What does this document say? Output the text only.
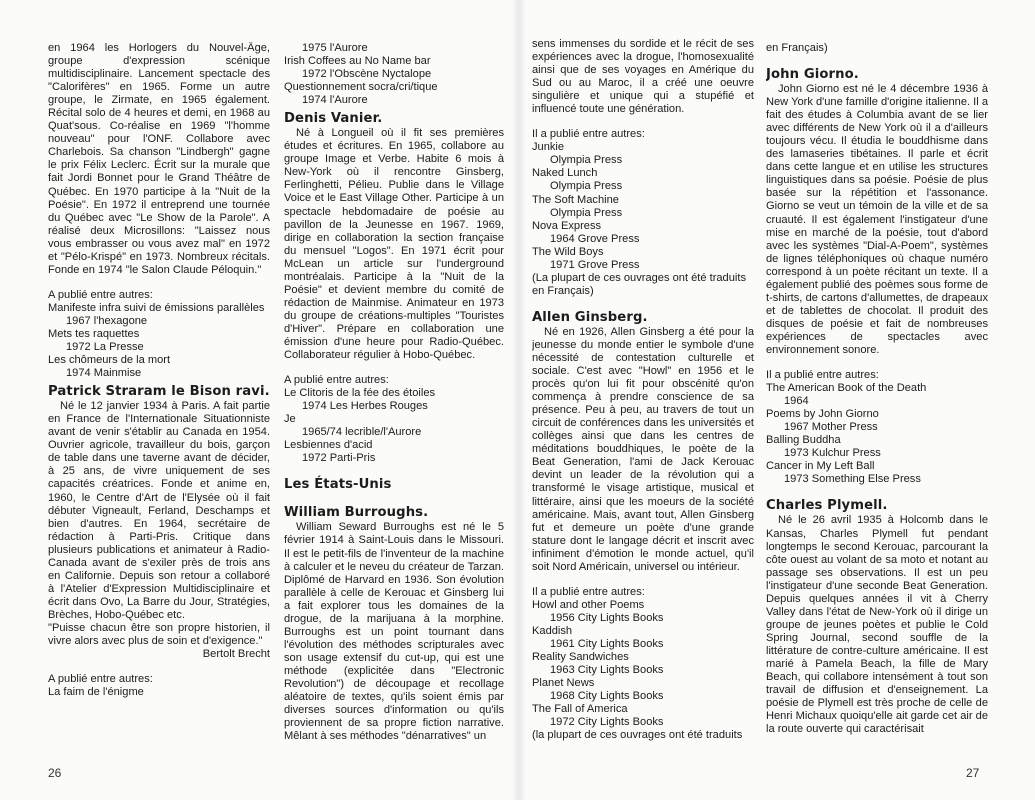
en 1964 les Horlogers du Nouvel-Âge, groupe d'expression scénique multidisciplinaire. Lancement spectacle des "Calorifères" en 1965. Forme un autre groupe, le Zirmate, en 1965 également. Récital solo de 4 heures et demi, en 1968 au Quat'sous. Co-réalise en 1969 "l'homme nouveau" pour l'ONF. Collabore avec Charlebois. Sa chanson "Lindbergh" gagne le prix Félix Leclerc. Écrit sur la murale que fait Jordi Bonnet pour le Grand Théâtre de Québec. En 1970 participe à la "Nuit de la Poésie". En 1972 il entreprend une tournée du Québec avec "Le Show de la Parole". A réalisé deux Microsillons: "Laissez nous vous embrasser ou vous avez mal" en 1972 et "Pélo-Krispé" en 1973. Nombreux récitals. Fonde en 1974 "le Salon Claude Péloquin."

A publié entre autres:

Manifeste infra suivi de émissions parallèles

1967 l'hexagone

Mets tes raquettes

1972 La Presse

Les chômeurs de la mort

1974 Mainmise

Patrick Straram le Bison ravi.

Né le 12 janvier 1934 à Paris. A fait partie en France de l'Internationale Situationniste avant de venir s'établir au Canada en 1954. Ouvrier agricole, travailleur du bois, garçon de table dans une taverne avant de décider, à 25 ans, de vivre uniquement de ses capacités créatrices. Fonde et anime en, 1960, le Centre d'Art de l'Elysée où il fait débuter Vigneault, Ferland, Deschamps et bien d'autres. En 1964, secrétaire de rédaction à Parti-Pris. Critique dans plusieurs publications et animateur à Radio-Canada avant de s'exiler près de trois ans en Californie. Depuis son retour a collaboré à l'Atelier d'Expression Multidisciplinaire et écrit dans Ovo, La Barre du Jour, Stratégies, Brèches, Hobo-Québec etc.

"Puisse chacun être son propre historien, il vivre alors avec plus de soin et d'exigence."

Bertolt Brecht

A publié entre autres:

La faim de l'énigme

1975 l'Aurore

Irish Coffees au No Name bar

1972 l'Obscène Nyctalope

Questionnement socra/cri/tique

1974 l'Aurore

Denis Vanier.

Né à Longueil où il fit ses premières études et écritures. En 1965, collabore au groupe Image et Verbe. Habite 6 mois à New-York où il rencontre Ginsberg, Ferlinghetti, Pélieu. Publie dans le Village Voice et le East Village Other. Participe à un spectacle hebdomadaire de poésie au pavillon de la Jeunesse en 1967. 1969, dirige en collaboration la section française du mensuel "Logos". En 1971 écrit pour McLean un article sur l'underground montréalais. Participe à la "Nuit de la Poésie" et devient membre du comité de rédaction de Mainmise. Animateur en 1973 du groupe de créations-multiples "Touristes d'Hiver". Prépare en collaboration une émission d'une heure pour Radio-Québec. Collaborateur régulier à Hobo-Québec.

A publié entre autres:

Le Clitoris de la fée des étoiles

1974 Les Herbes Rouges

Je

1965/74 lecrible/l'Aurore

Lesbiennes d'acid

1972 Parti-Pris

Les États-Unis
William Burroughs.

William Seward Burroughs est né le 5 février 1914 à Saint-Louis dans le Missouri. Il est le petit-fils de l'inventeur de la machine à calculer et le neveu du créateur de Tarzan. Diplômé de Harvard en 1936. Son évolution parallèle à celle de Kerouac et Ginsberg lui a fait explorer tous les domaines de la drogue, de la marijuana à la morphine. Burroughs est un point tournant dans l'évolution des méthodes scripturales avec son usage extensif du cut-up, qui est une méthode (explicitée dans "Electronic Revolution") de découpage et recollage aléatoire de textes, qu'ils soient émis par diverses sources d'information ou qu'ils proviennent de sa propre fiction narrative. Mêlant à ses méthodes "dénarratives" un

sens immenses du sordide et le récit de ses expériences avec la drogue, l'homosexualité ainsi que de ses voyages en Amérique du Sud ou au Maroc, il a créé une oeuvre singulière et unique qui a stupéfié et influencé toute une génération.

Il a publié entre autres:

Junkie

Olympia Press

Naked Lunch

Olympia Press

The Soft Machine

Olympia Press

Nova Express

1964 Grove Press

The Wild Boys

1971 Grove Press

(La plupart de ces ouvrages ont été traduits en Français)

Allen Ginsberg.

Né en 1926, Allen Ginsberg a été pour la jeunesse du monde entier le symbole d'une nécessité de contestation culturelle et sociale. C'est avec "Howl" en 1956 et le procès qu'on lui fit pour obscénité qu'on commença à prendre conscience de sa présence. Peu à peu, au travers de tout un circuit de conférences dans les universités et collèges ainsi que dans les centres de méditations bouddhiques, le poète de la Beat Generation, l'ami de Jack Kerouac devint un leader de la révolution qui a transformé le visage artistique, musical et littéraire, ainsi que les moeurs de la société américaine. Mais, avant tout, Allen Ginsberg fut et demeure un poète d'une grande stature dont le langage décrit et inscrit avec infiniment d'émotion le monde actuel, qu'il soit Nord Américain, universel ou intérieur.

Il a publié entre autres:

Howl and other Poems

1956 City Lights Books

Kaddish

1961 City Lights Books

Reality Sandwiches

1963 City Lights Books

Planet News

1968 City Lights Books

The Fall of America

1972 City Lights Books

(la plupart de ces ouvrages ont été traduits

en Français)

John Giorno.

John Giorno est né le 4 décembre 1936 à New York d'une famille d'origine italienne. Il a fait des études à Columbia avant de se lier avec différents de New York où il a d'ailleurs toujours vécu. Il étudia le bouddhisme dans des lamaseries tibétaines. Il parle et écrit dans cette langue et en utilise les structures linguistiques dans sa poésie. Poésie de plus basée sur la répétition et l'assonance. Giorno se veut un témoin de la ville et de sa cruauté. Il est également l'instigateur d'une mise en marché de la poésie, tout d'abord avec les systèmes "Dial-A-Poem", systèmes de lignes téléphoniques où chaque numéro correspond à un poète récitant un texte. Il a également publié des poèmes sous forme de t-shirts, de cartons d'allumettes, de drapeaux et de tablettes de chocolat. Il produit des disques de poésie et fait de nombreuses expériences de spectacles avec environnement sonore.

Il a publié entre autres:

The American Book of the Death

1964

Poems by John Giorno

1967 Mother Press

Balling Buddha

1973 Kulchur Press

Cancer in My Left Ball

1973 Something Else Press

Charles Plymell.

Né le 26 avril 1935 à Holcomb dans le Kansas, Charles Plymell fut pendant longtemps le second Kerouac, parcourant la côte ouest au volant de sa moto et notant au passage ses observations. Il est un peu l'instigateur d'une seconde Beat Generation. Depuis quelques années il vit à Cherry Valley dans l'état de New-York où il dirige un groupe de jeunes poètes et publie le Cold Spring Journal, second souffle de la littérature de contre-culture américaine. Il est marié à Pamela Beach, la fille de Mary Beach, qui collabore intensément à tout son travail de diffusion et d'enseignement. La poésie de Plymell est très proche de celle de Henri Michaux quoiqu'elle ait garde cet air de la route ouverte qui caractérisait

26	27
